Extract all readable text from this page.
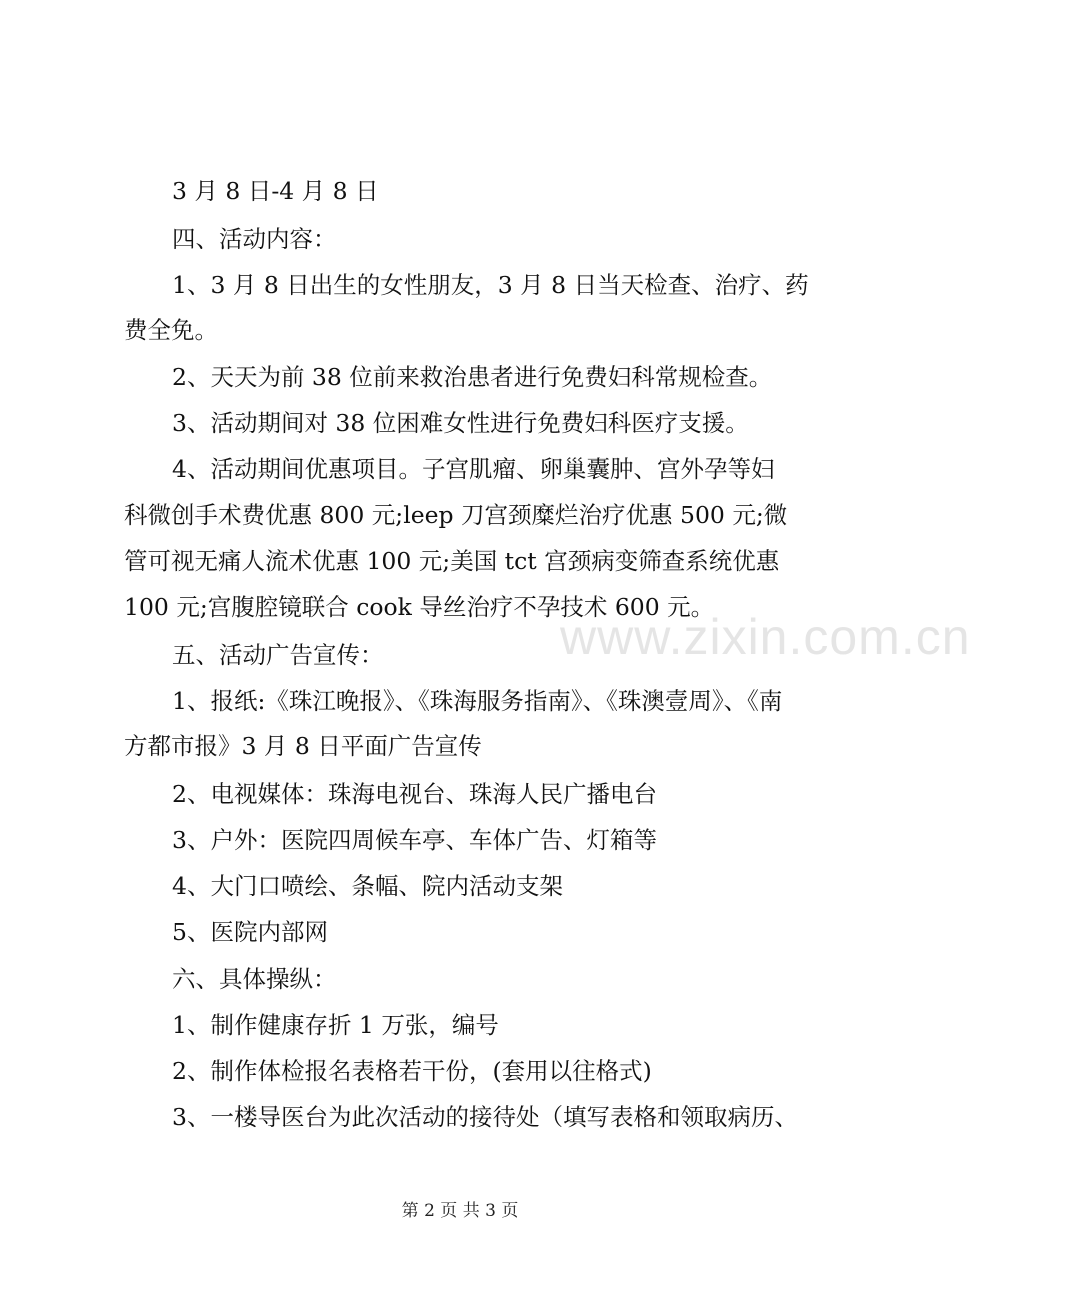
3 月 8 日-4 月 8 日
四、活动内容：
1、3 月 8 日出生的女性朋友，3 月 8 日当天检查、治疗、药
费全免。
2、天天为前 38 位前来救治患者进行免费妇科常规检查。
3、活动期间对 38 位困难女性进行免费妇科医疗支援。
4、活动期间优惠项目。子宫肌瘤、卵巢囊肿、宫外孕等妇
科微创手术费优惠 800 元;leep 刀宫颈糜烂治疗优惠 500 元;微
管可视无痛人流术优惠 100 元;美国 tct 宫颈病变筛查系统优惠
100 元;宫腹腔镜联合 cook 导丝治疗不孕技术 600 元。
五、活动广告宣传：
1、报纸:《珠江晚报》、《珠海服务指南》、《珠澳壹周》、《南
方都市报》3 月 8 日平面广告宣传
2、电视媒体：珠海电视台、珠海人民广播电台
3、户外：医院四周候车亭、车体广告、灯箱等
4、大门口喷绘、条幅、院内活动支架
5、医院内部网
六、具体操纵：
1、制作健康存折 1 万张，编号
2、制作体检报名表格若干份，(套用以往格式)
3、一楼导医台为此次活动的接待处（填写表格和领取病历、
www.zixin.com.cn
第 2 页 共 3 页
